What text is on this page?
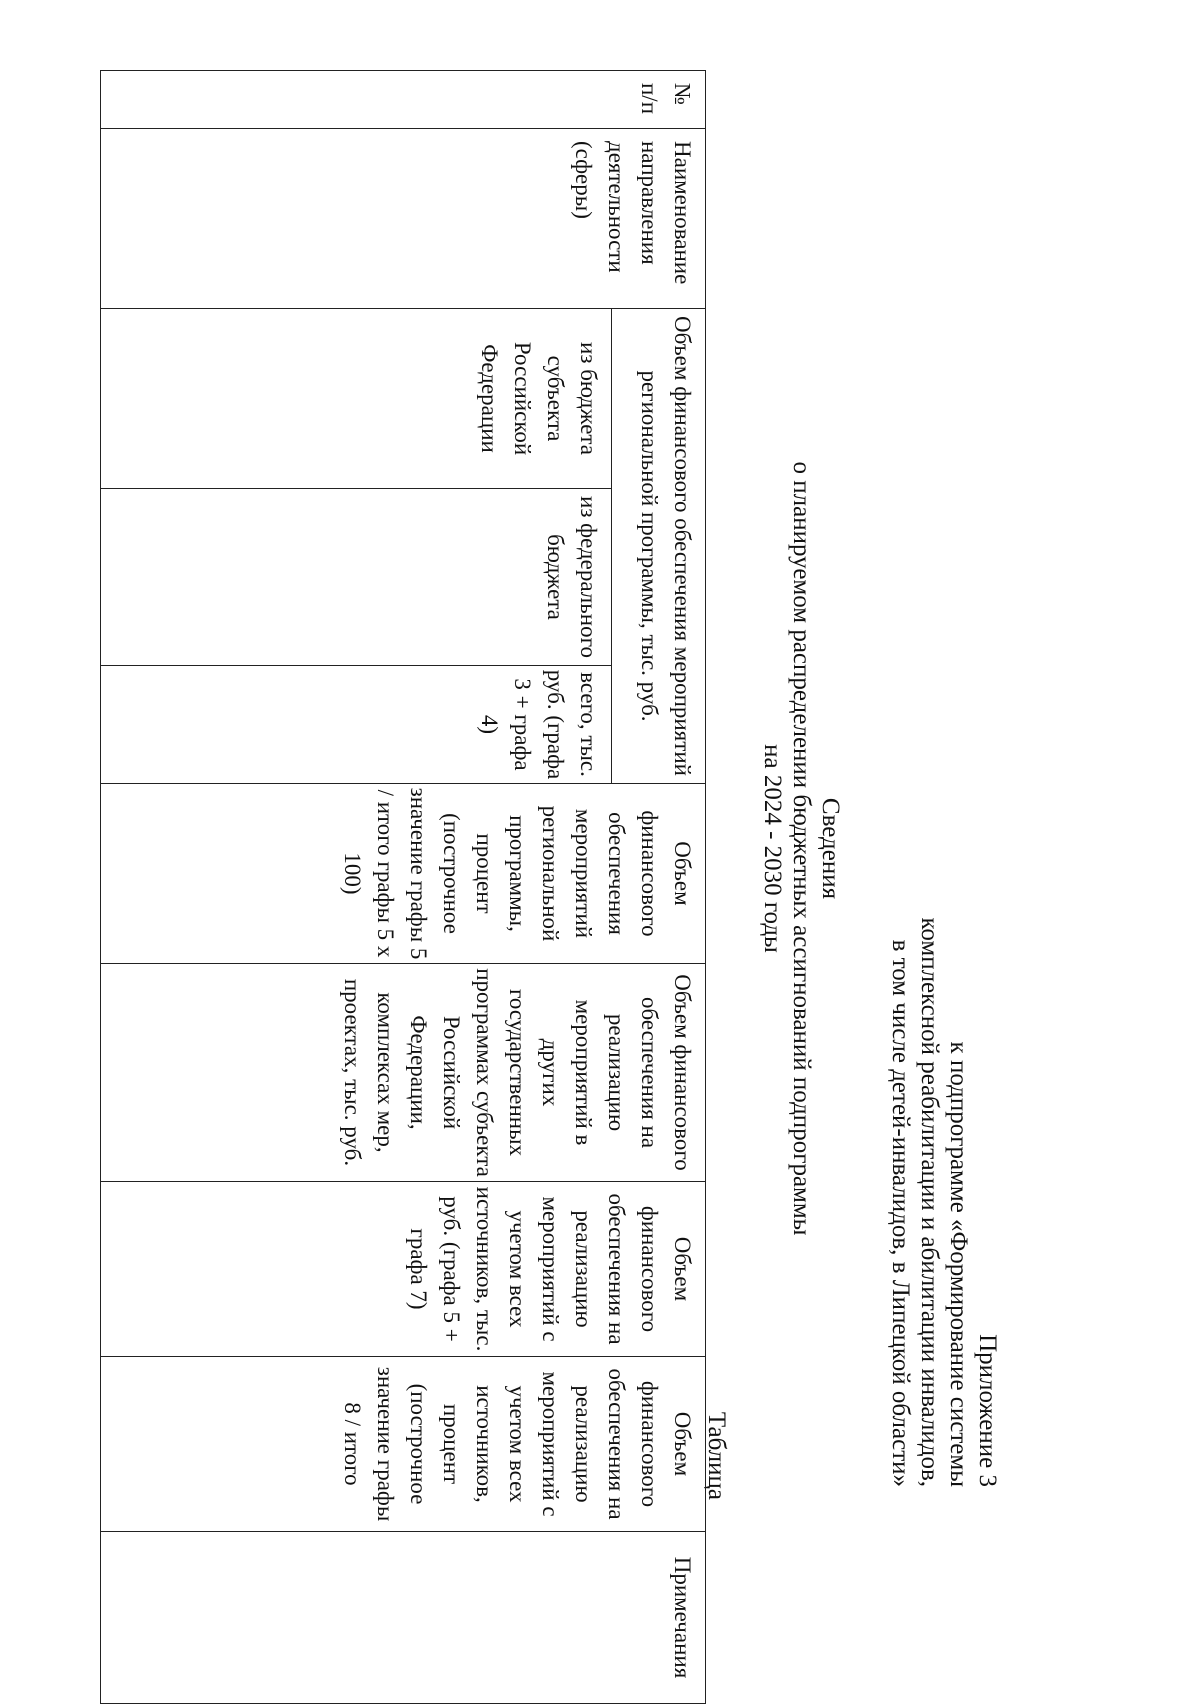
Приложение 3
к подпрограмме «Формирование системы
комплексной реабилитации и абилитации инвалидов,
в том числе детей-инвалидов, в Липецкой области»
Сведения
о планируемом распределении бюджетных ассигнований подпрограммы
на 2024 - 2030 годы
Таблица
№ п/п	Наименование направления деятельности (сферы)	Объем финансового обеспечения мероприятий региональной программы, тыс. руб.			Объем финансового обеспечения мероприятий региональной программы, процент (построчное значение графы 5 / итого графы 5 x 100)	Объем финансового обеспечения на реализацию мероприятий в других государственных программах субъекта Российской Федерации, комплексах мер, проектах, тыс. руб.	Объем финансового обеспечения на реализацию мероприятий с учетом всех источников, тыс. руб. (графа 5 + графа 7)	Объем финансового обеспечения на реализацию мероприятий с учетом всех источников, процент (построчное значение графы 8 / итого	Примечания
		из бюджета субъекта Российской Федерации	из федерального бюджета	всего, тыс. руб. (графа 3 + графа 4)					
